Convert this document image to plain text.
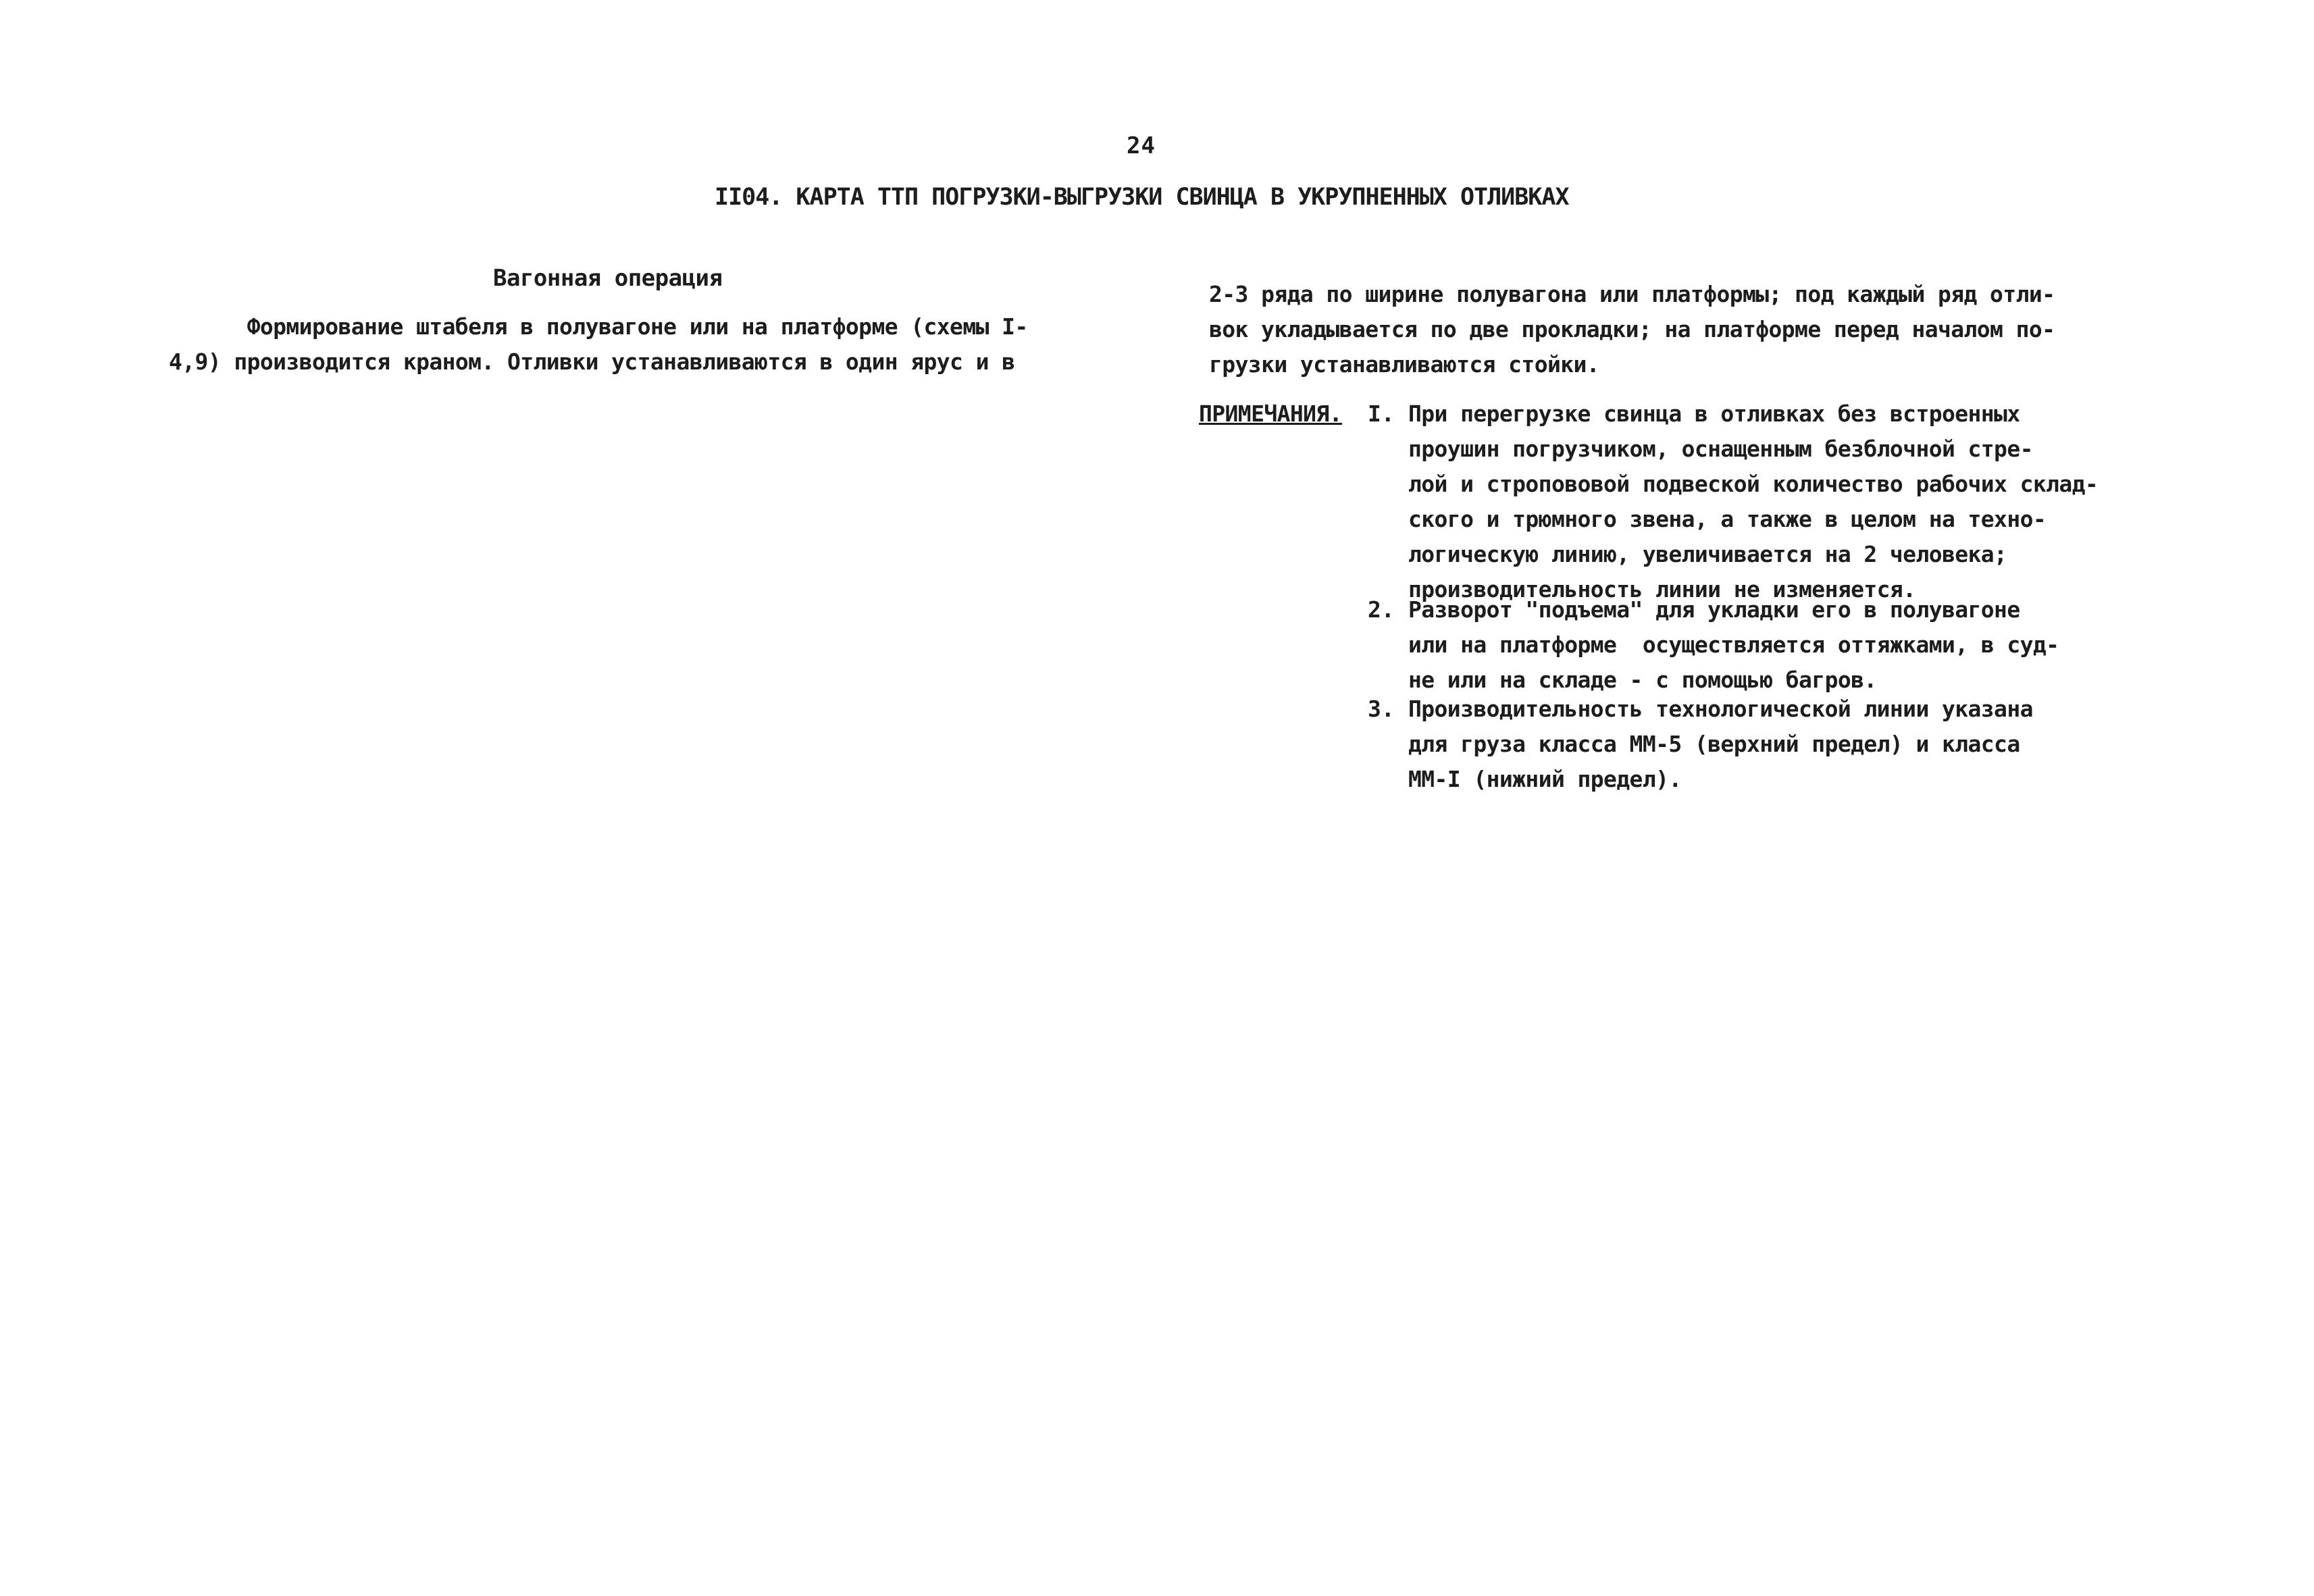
24
II04. КАРТА ТТП ПОГРУЗКИ-ВЫГРУЗКИ СВИНЦА В УКРУПНЕННЫХ ОТЛИВКАХ
Вагонная операция
Формирование штабеля в полувагоне или на платформе (схемы I-
4,9) производится краном. Отливки устанавливаются в один ярус и в
2-3 ряда по ширине полувагона или платформы; под каждый ряд отли-
вок укладывается по две прокладки; на платформе перед началом по-
грузки устанавливаются стойки.
ПРИМЕЧАНИЯ. I. При перегрузке свинца в отливках без встроенных
проушин погрузчиком, оснащенным безблочной стре-
лой и стропововой подвеской количество рабочих склад-
ского и трюмного звена, а также в целом на техно-
логическую линию, увеличивается на 2 человека;
производительность линии не изменяется.
2. Разворот "подъема" для укладки его в полувагоне
или на платформе  осуществляется оттяжками, в суд-
не или на складе - с помощью багров.
3. Производительность технологической линии указана
для груза класса ММ-5 (верхний предел) и класса
ММ-I (нижний предел).
